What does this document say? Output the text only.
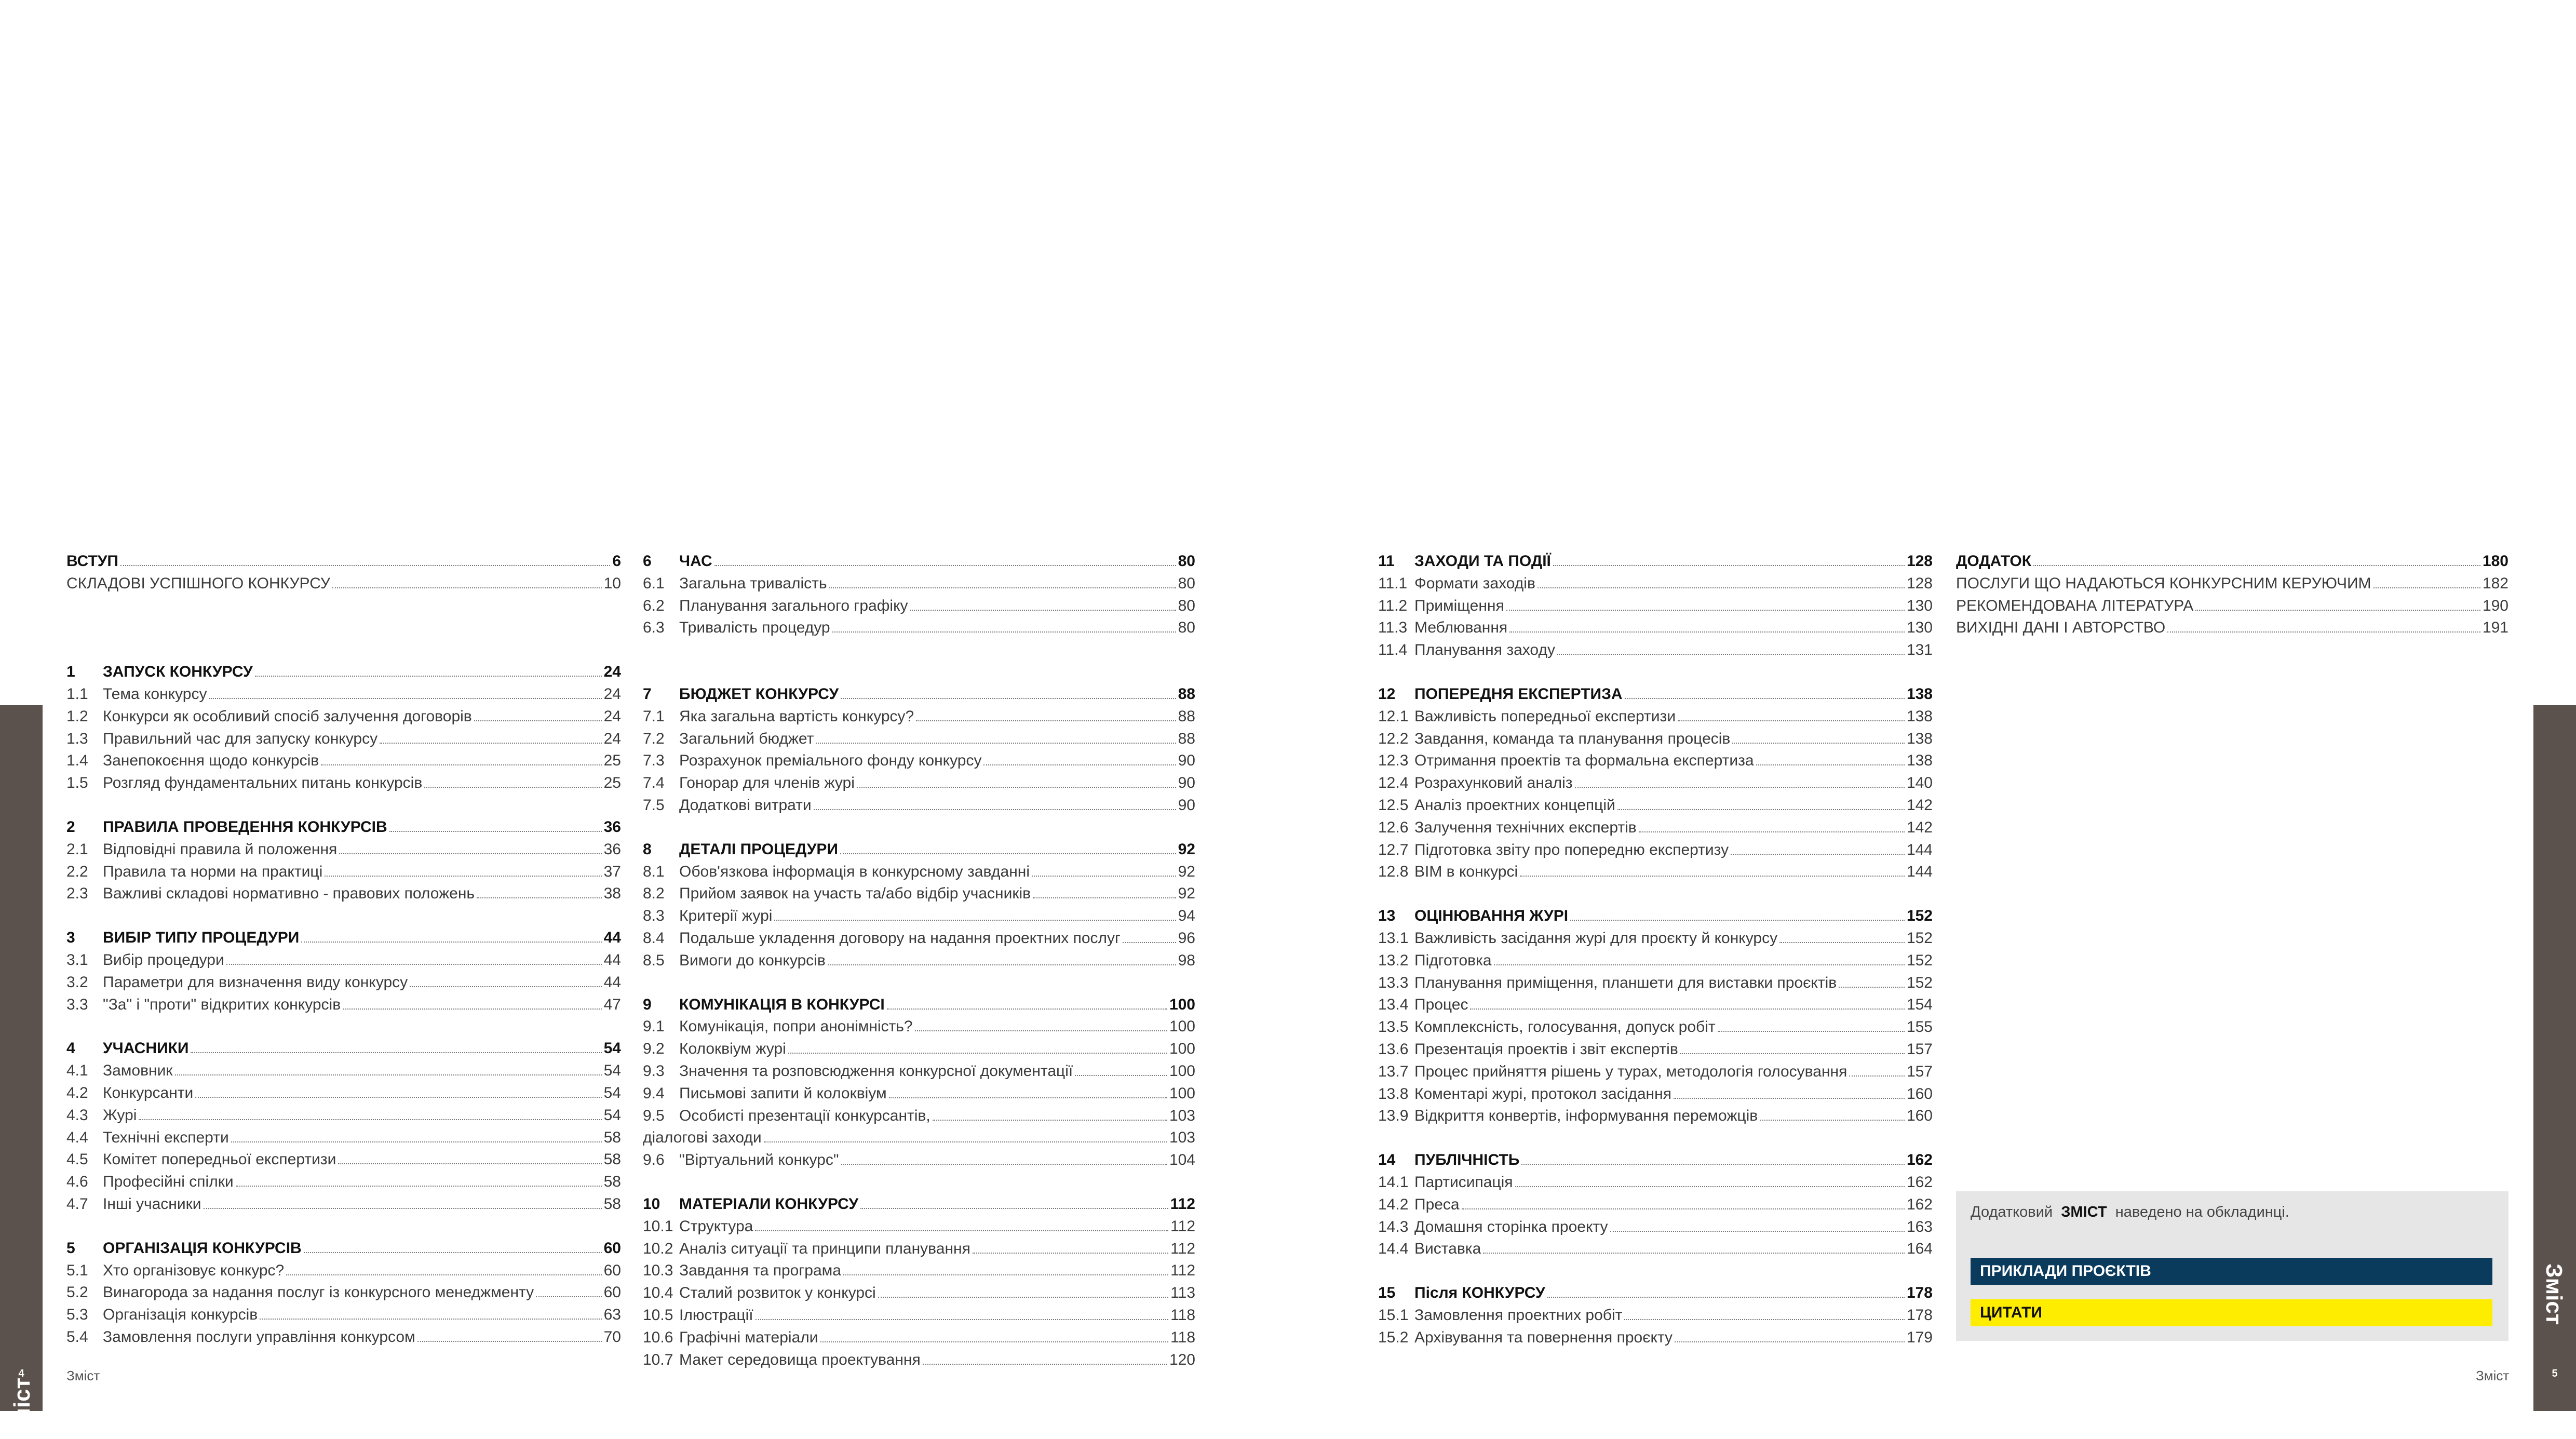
Зміст
4
Зміст
5
Зміст	Зміст
ВСТУП	6
СКЛАДОВІ УСПІШНОГО КОНКУРСУ	10
1	ЗАПУСК КОНКУРСУ	24
1.1 Тема конкурсу	24
1.2 Конкурси як особливий спосіб залучення договорів	24
1.3 Правильний час для запуску конкурсу	24
1.4 Занепокоєння щодо конкурсів	25
1.5 Розгляд фундаментальних питань конкурсів	25
2	ПРАВИЛА ПРОВЕДЕННЯ КОНКУРСІВ	36
2.1 Відповідні правила й положення	36
2.2 Правила та норми на практиці	37
2.3 Важливі складові нормативно - правових положень	38
3	ВИБІР ТИПУ ПРОЦЕДУРИ	44
3.1 Вибір процедури	44
3.2 Параметри для визначення виду конкурсу	44
3.3 "За" і "проти" відкритих конкурсів	47
4	УЧАСНИКИ	54
4.1 Замовник	54
4.2 Конкурсанти	54
4.3 Журі	54
4.4 Технічні експерти	58
4.5 Комітет попередньої експертизи	58
4.6 Професійні спілки	58
4.7 Інші учасники	58
5	ОРГАНІЗАЦІЯ КОНКУРСІВ	60
5.1 Хто організовує конкурс?	60
5.2 Винагорода за надання послуг із конкурсного менеджменту	60
5.3 Організація конкурсів	63
5.4 Замовлення послуги управління конкурсом	70
6	ЧАС	80
6.1 Загальна тривалість	80
6.2 Планування загального графіку	80
6.3 Тривалість процедур	80
7	БЮДЖЕТ КОНКУРСУ	88
7.1 Яка загальна вартість конкурсу?	88
7.2 Загальний бюджет	88
7.3 Розрахунок преміального фонду конкурсу	90
7.4 Гонорар для членів журі	90
7.5 Додаткові витрати	90
8	ДЕТАЛІ ПРОЦЕДУРИ	92
8.1 Обов'язкова інформація в конкурсному завданні	92
8.2 Прийом заявок на участь та/або відбір учасників	92
8.3 Критерії журі	94
8.4 Подальше укладення договору на надання проектних послуг	96
8.5 Вимоги до конкурсів	98
9	КОМУНІКАЦІЯ В КОНКУРСІ	100
9.1 Комунікація, попри анонімність?	100
9.2 Колоквіум журі	100
9.3 Значення та розповсюдження конкурсної документації	100
9.4 Письмові запити й колоквіум	100
9.5 Особисті презентації конкурсантів,	103
діалогові заходи	103
9.6 "Віртуальний конкурс"	104
10	МАТЕРІАЛИ КОНКУРСУ	112
10.1 Структура	112
10.2 Аналіз ситуації та принципи планування	112
10.3 Завдання та програма	112
10.4 Сталий розвиток у конкурсі	113
10.5 Ілюстрації	118
10.6 Графічні матеріали	118
10.7 Макет середовища проектування	120
11	ЗАХОДИ ТА ПОДІЇ	128
11.1 Формати заходів	128
11.2 Приміщення	130
11.3 Меблювання	130
11.4 Планування заходу	131
12	ПОПЕРЕДНЯ ЕКСПЕРТИЗА	138
12.1 Важливість попередньої експертизи	138
12.2 Завдання, команда та планування процесів	138
12.3 Отримання проектів та формальна експертиза	138
12.4 Розрахунковий аналіз	140
12.5 Аналіз проектних концепцій	142
12.6 Залучення технічних експертів	142
12.7 Підготовка звіту про попередню експертизу	144
12.8 BIM в конкурсі	144
13	ОЦІНЮВАННЯ ЖУРІ	152
13.1 Важливість засідання журі для проєкту й конкурсу	152
13.2 Підготовка	152
13.3 Планування приміщення, планшети для виставки проєктів	152
13.4 Процес	154
13.5 Комплексність, голосування, допуск робіт	155
13.6 Презентація проектів і звіт експертів	157
13.7 Процес прийняття рішень у турах, методологія голосування	157
13.8 Коментарі журі, протокол засідання	160
13.9 Відкриття конвертів, інформування переможців	160
14	ПУБЛІЧНІСТЬ	162
14.1 Партисипація	162
14.2 Преса	162
14.3 Домашня сторінка проекту	163
14.4 Виставка	164
15	Після КОНКУРСУ	178
15.1 Замовлення проектних робіт	178
15.2 Архівування та повернення проєкту	179
ДОДАТОК	180
ПОСЛУГИ ЩО НАДАЮТЬСЯ КОНКУРСНИМ КЕРУЮЧИМ	182
РЕКОМЕНДОВАНА ЛІТЕРАТУРА	190
ВИХІДНІ ДАНІ І АВТОРСТВО	191
Додатковий ЗМІСТ наведено на обкладинці.
ПРИКЛАДИ ПРОЄКТІВ
ЦИТАТИ
